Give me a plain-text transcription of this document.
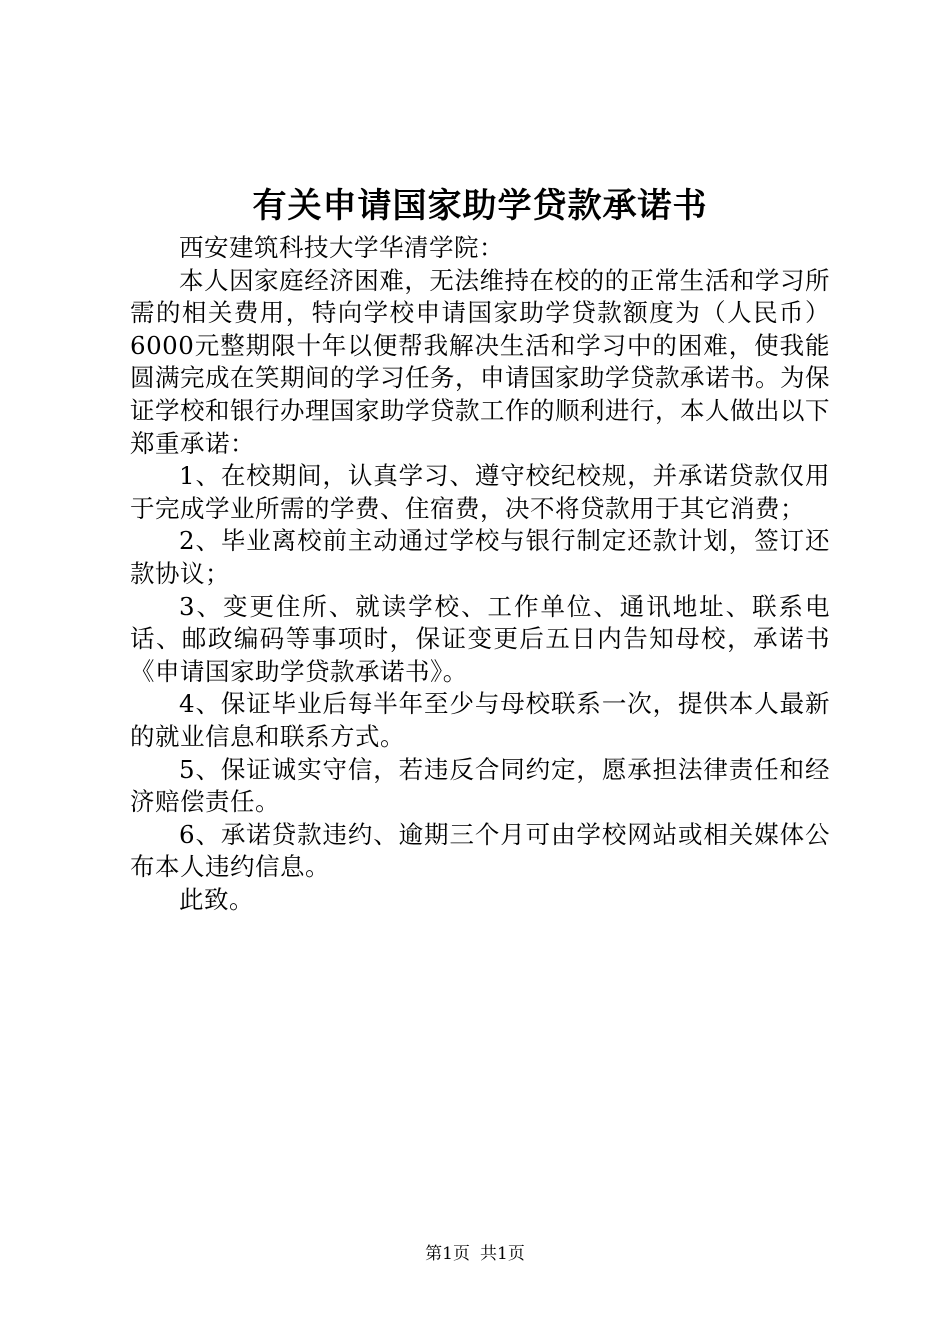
有关申请国家助学贷款承诺书

西安建筑科技大学华清学院：

本人因家庭经济困难，无法维持在校的的正常生活和学习所需的相关费用，特向学校申请国家助学贷款额度为（人民币）6000元整期限十年以便帮我解决生活和学习中的困难，使我能圆满完成在笑期间的学习任务，申请国家助学贷款承诺书。为保证学校和银行办理国家助学贷款工作的顺利进行，本人做出以下郑重承诺：

1、在校期间，认真学习、遵守校纪校规，并承诺贷款仅用于完成学业所需的学费、住宿费，决不将贷款用于其它消费；

2、毕业离校前主动通过学校与银行制定还款计划，签订还款协议；

3、变更住所、就读学校、工作单位、通讯地址、联系电话、邮政编码等事项时，保证变更后五日内告知母校，承诺书《申请国家助学贷款承诺书》。

4、保证毕业后每半年至少与母校联系一次，提供本人最新的就业信息和联系方式。

5、保证诚实守信，若违反合同约定，愿承担法律责任和经济赔偿责任。

6、承诺贷款违约、逾期三个月可由学校网站或相关媒体公布本人违约信息。

此致。

第1页 共1页
